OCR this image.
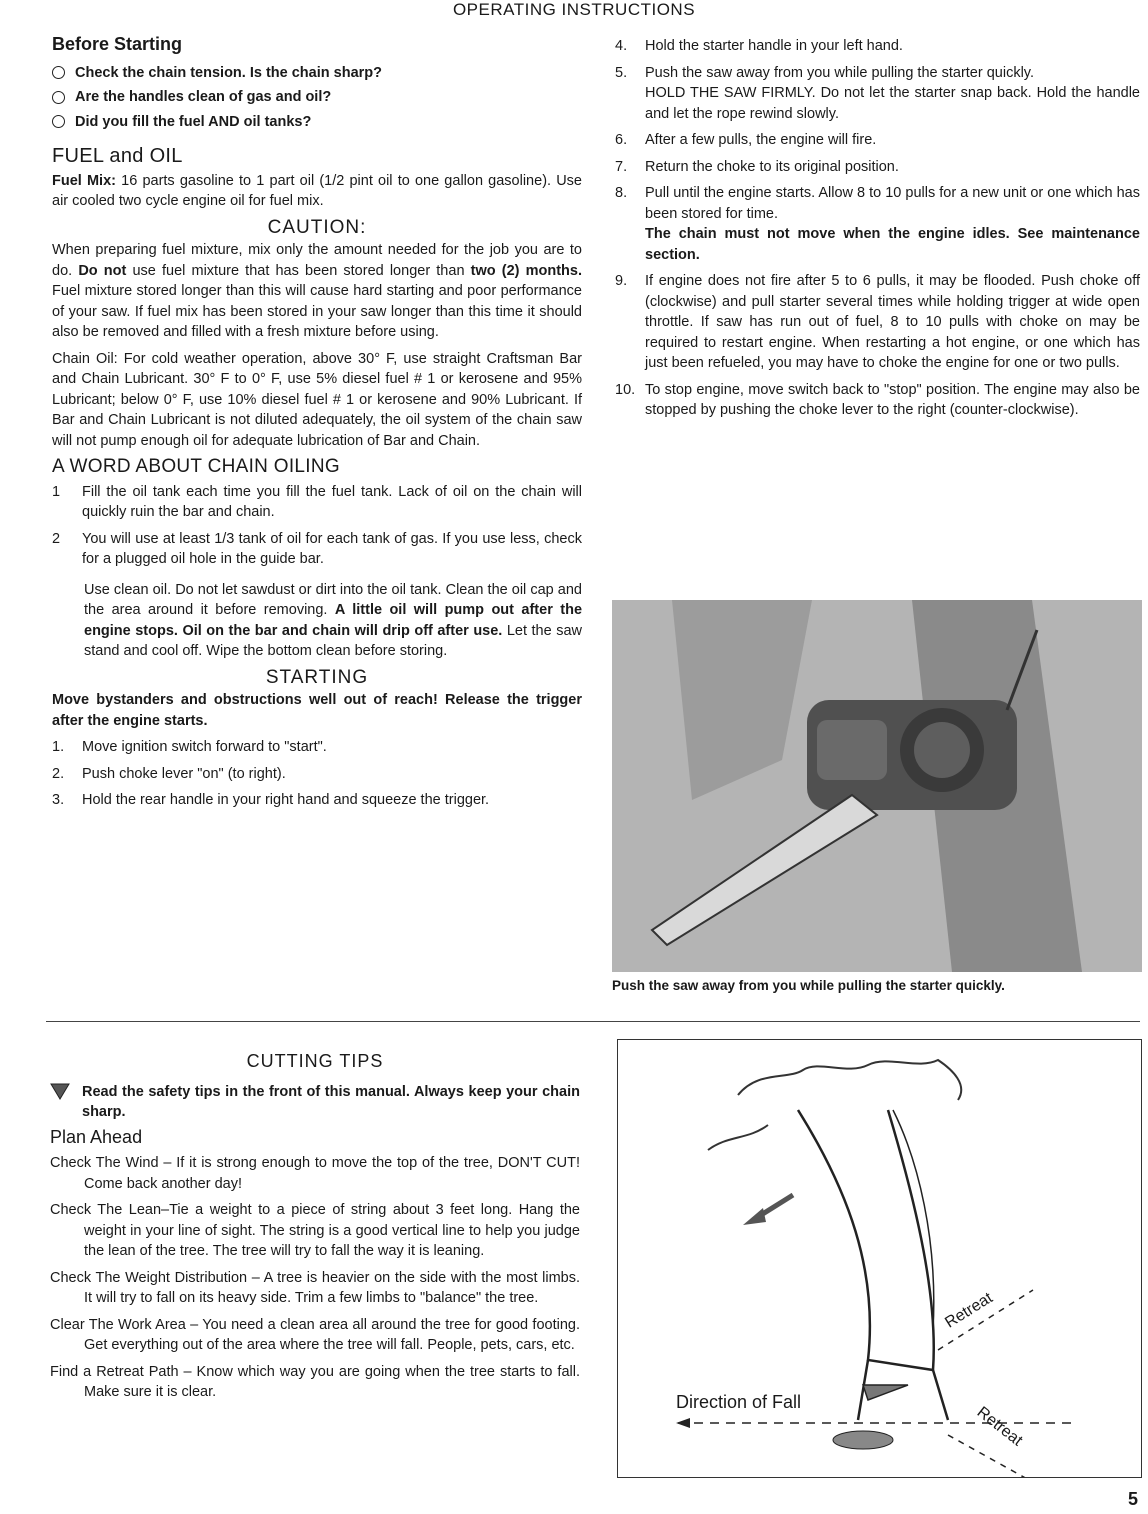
OPERATING INSTRUCTIONS
Before Starting
Check the chain tension. Is the chain sharp?
Are the handles clean of gas and oil?
Did you fill the fuel AND oil tanks?
FUEL and OIL

Fuel Mix: 16 parts gasoline to 1 part oil (1/2 pint oil to one gallon gasoline). Use air cooled two cycle engine oil for fuel mix.

CAUTION:

When preparing fuel mixture, mix only the amount needed for the job you are to do. Do not use fuel mixture that has been stored longer than two (2) months. Fuel mixture stored longer than this will cause hard starting and poor performance of your saw. If fuel mix has been stored in your saw longer than this time it should also be removed and filled with a fresh mixture before using.

Chain Oil: For cold weather operation, above 30° F, use straight Craftsman Bar and Chain Lubricant. 30° F to 0° F, use 5% diesel fuel # 1 or kerosene and 95% Lubricant; below 0° F, use 10% diesel fuel # 1 or kerosene and 90% Lubricant. If Bar and Chain Lubricant is not diluted adequately, the oil system of the chain saw will not pump enough oil for adequate lubrication of Bar and Chain.

A WORD ABOUT CHAIN OILING
1	Fill the oil tank each time you fill the fuel tank. Lack of oil on the chain will quickly ruin the bar and chain.
2	You will use at least 1/3 tank of oil for each tank of gas. If you use less, check for a plugged oil hole in the guide bar.

Use clean oil. Do not let sawdust or dirt into the oil tank. Clean the oil cap and the area around it before removing. A little oil will pump out after the engine stops. Oil on the bar and chain will drip off after use. Let the saw stand and cool off. Wipe the bottom clean before storing.

STARTING

Move bystanders and obstructions well out of reach! Release the trigger after the engine starts.

1.	Move ignition switch forward to "start".
2.	Push choke lever "on" (to right).
3.	Hold the rear handle in your right hand and squeeze the trigger.
4.	Hold the starter handle in your left hand.
5.	Push the saw away from you while pulling the starter quickly.
HOLD THE SAW FIRMLY. Do not let the starter snap back. Hold the handle and let the rope rewind slowly.
6.	After a few pulls, the engine will fire.
7.	Return the choke to its original position.
8.	Pull until the engine starts. Allow 8 to 10 pulls for a new unit or one which has been stored for time.
The chain must not move when the engine idles. See maintenance section.
9.	If engine does not fire after 5 to 6 pulls, it may be flooded. Push choke off (clockwise) and pull starter several times while holding trigger at wide open throttle. If saw has run out of fuel, 8 to 10 pulls with choke on may be required to restart engine. When restarting a hot engine, or one which has just been refueled, you may have to choke the engine for one or two pulls.
10. To stop engine, move switch back to "stop" position. The engine may also be stopped by pushing the choke lever to the right (counter-clockwise).
Push the saw away from you while pulling the starter quickly.
CUTTING TIPS
Read the safety tips in the front of this manual. Always keep your chain sharp.
Plan Ahead
Check The Wind – If it is strong enough to move the top of the tree, DON'T CUT! Come back another day!
Check The Lean–Tie a weight to a piece of string about 3 feet long. Hang the weight in your line of sight. The string is a good vertical line to help you judge the lean of the tree. The tree will try to fall the way it is leaning.
Check The Weight Distribution – A tree is heavier on the side with the most limbs. It will try to fall on its heavy side. Trim a few limbs to "balance" the tree.
Clear The Work Area – You need a clean area all around the tree for good footing. Get everything out of the area where the tree will fall. People, pets, cars, etc.
Find a Retreat Path – Know which way you are going when the tree starts to fall. Make sure it is clear.	Direction of Fall
Retreat
Retreat
5
